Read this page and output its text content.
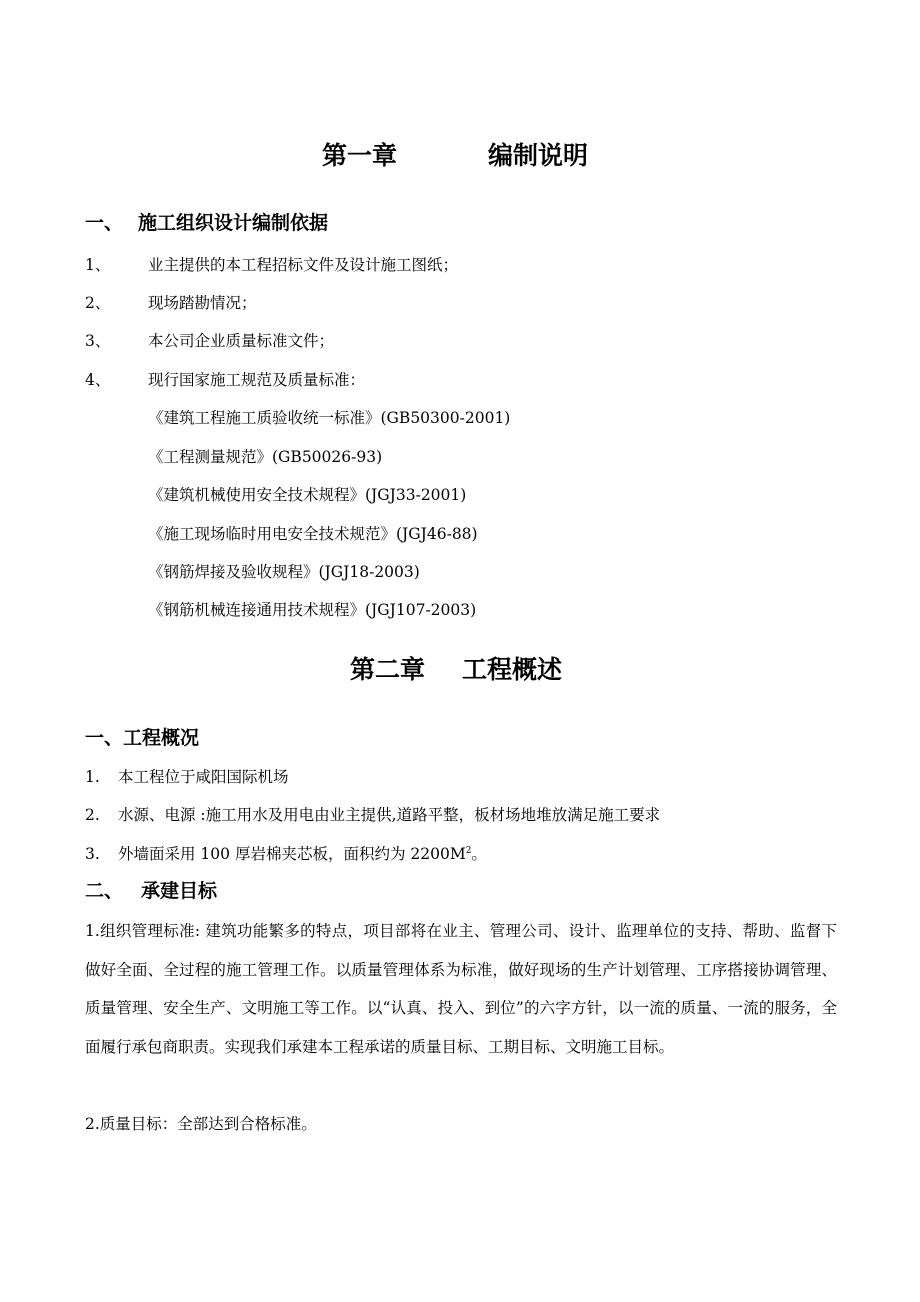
第一章	编制说明
一、 施工组织设计编制依据
1、 业主提供的本工程招标文件及设计施工图纸；
2、 现场踏勘情况；
3、 本公司企业质量标准文件；
4、 现行国家施工规范及质量标准：
《建筑工程施工质验收统一标准》(GB50300-2001)
《工程测量规范》(GB50026-93)
《建筑机械使用安全技术规程》(JGJ33-2001)
《施工现场临时用电安全技术规范》(JGJ46-88)
《钢筋焊接及验收规程》(JGJ18-2003)
《钢筋机械连接通用技术规程》(JGJ107-2003)
第二章 工程概述
一、工程概况
1. 本工程位于咸阳国际机场
2. 水源、电源 :施工用水及用电由业主提供,道路平整，板材场地堆放满足施工要求
3. 外墙面采用 100 厚岩棉夹芯板，面积约为 $2200M^2$。
二、 承建目标
1.组织管理标准: 建筑功能繁多的特点，项目部将在业主、管理公司、设计、监理单位的支持、帮助、监督下做好全面、全过程的施工管理工作。以质量管理体系为标准，做好现场的生产计划管理、工序搭接协调管理、质量管理、安全生产、文明施工等工作。以“认真、投入、到位”的六字方针，以一流的质量、一流的服务，全面履行承包商职责。实现我们承建本工程承诺的质量目标、工期目标、文明施工目标。
2.质量目标：全部达到合格标准。
